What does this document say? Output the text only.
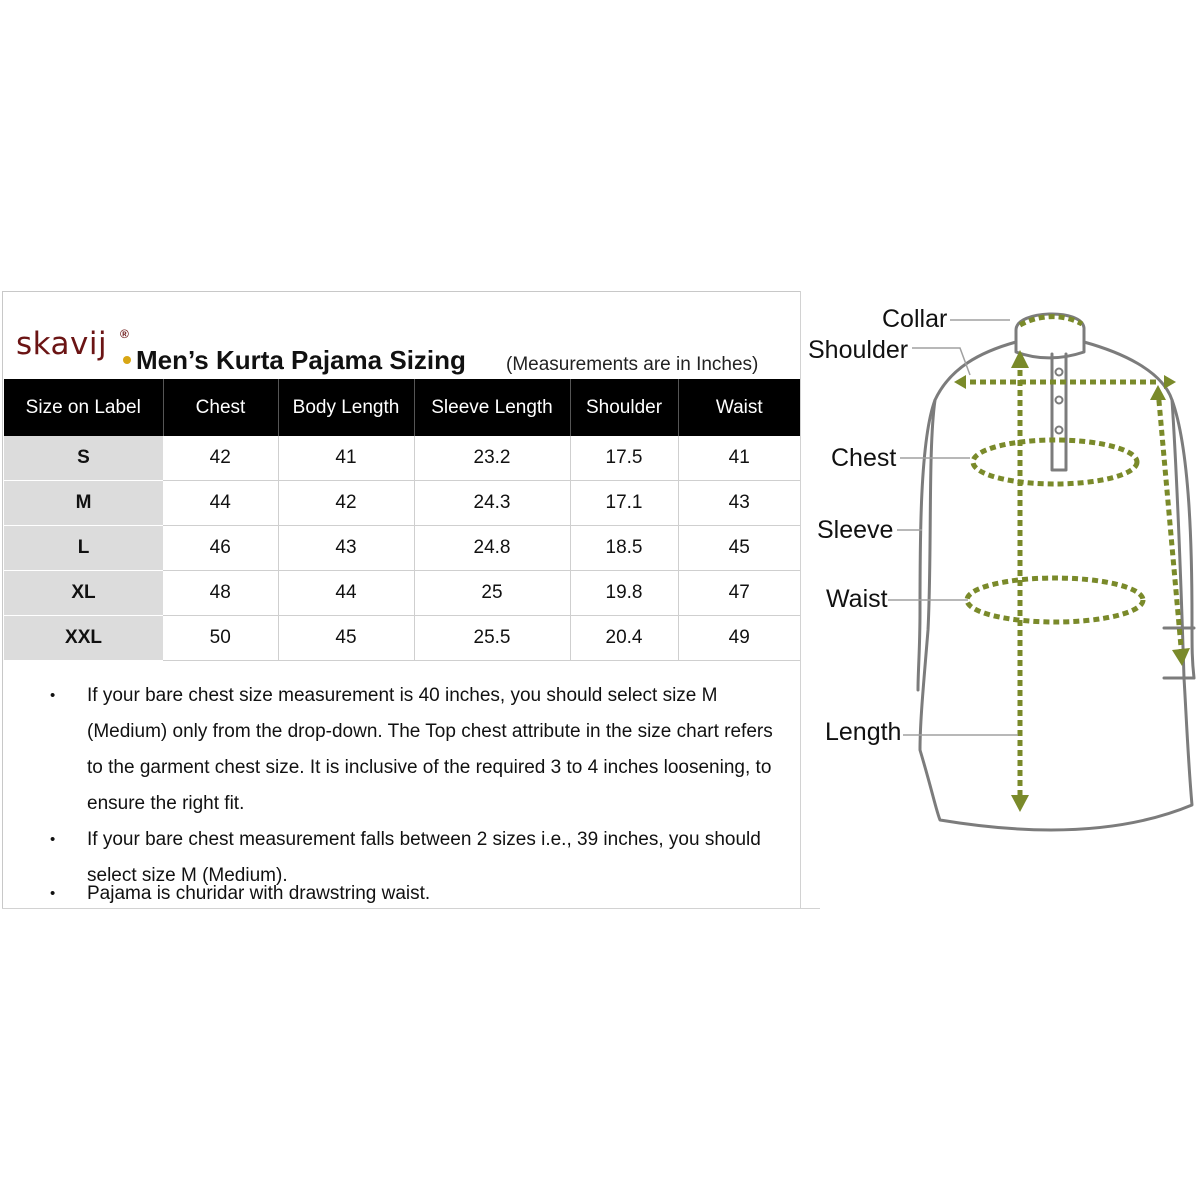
skavij ®
Men’s Kurta Pajama Sizing (Measurements are in Inches)
Size on Label	Chest	Body Length	Sleeve Length	Shoulder	Waist
S	42	41	23.2	17.5	41
M	44	42	24.3	17.1	43
L	46	43	24.8	18.5	45
XL	48	44	25	19.8	47
XXL	50	45	25.5	20.4	49
• If your bare chest size measurement is 40 inches, you should select size M (Medium) only from the drop-down. The Top chest attribute in the size chart refers to the garment chest size. It is inclusive of the required 3 to 4 inches loosening, to ensure the right fit.
• If your bare chest measurement falls between 2 sizes i.e., 39 inches, you should select size M (Medium).
• Pajama is churidar with drawstring waist.
Collar
Shoulder
Chest
Sleeve
Waist
Length
